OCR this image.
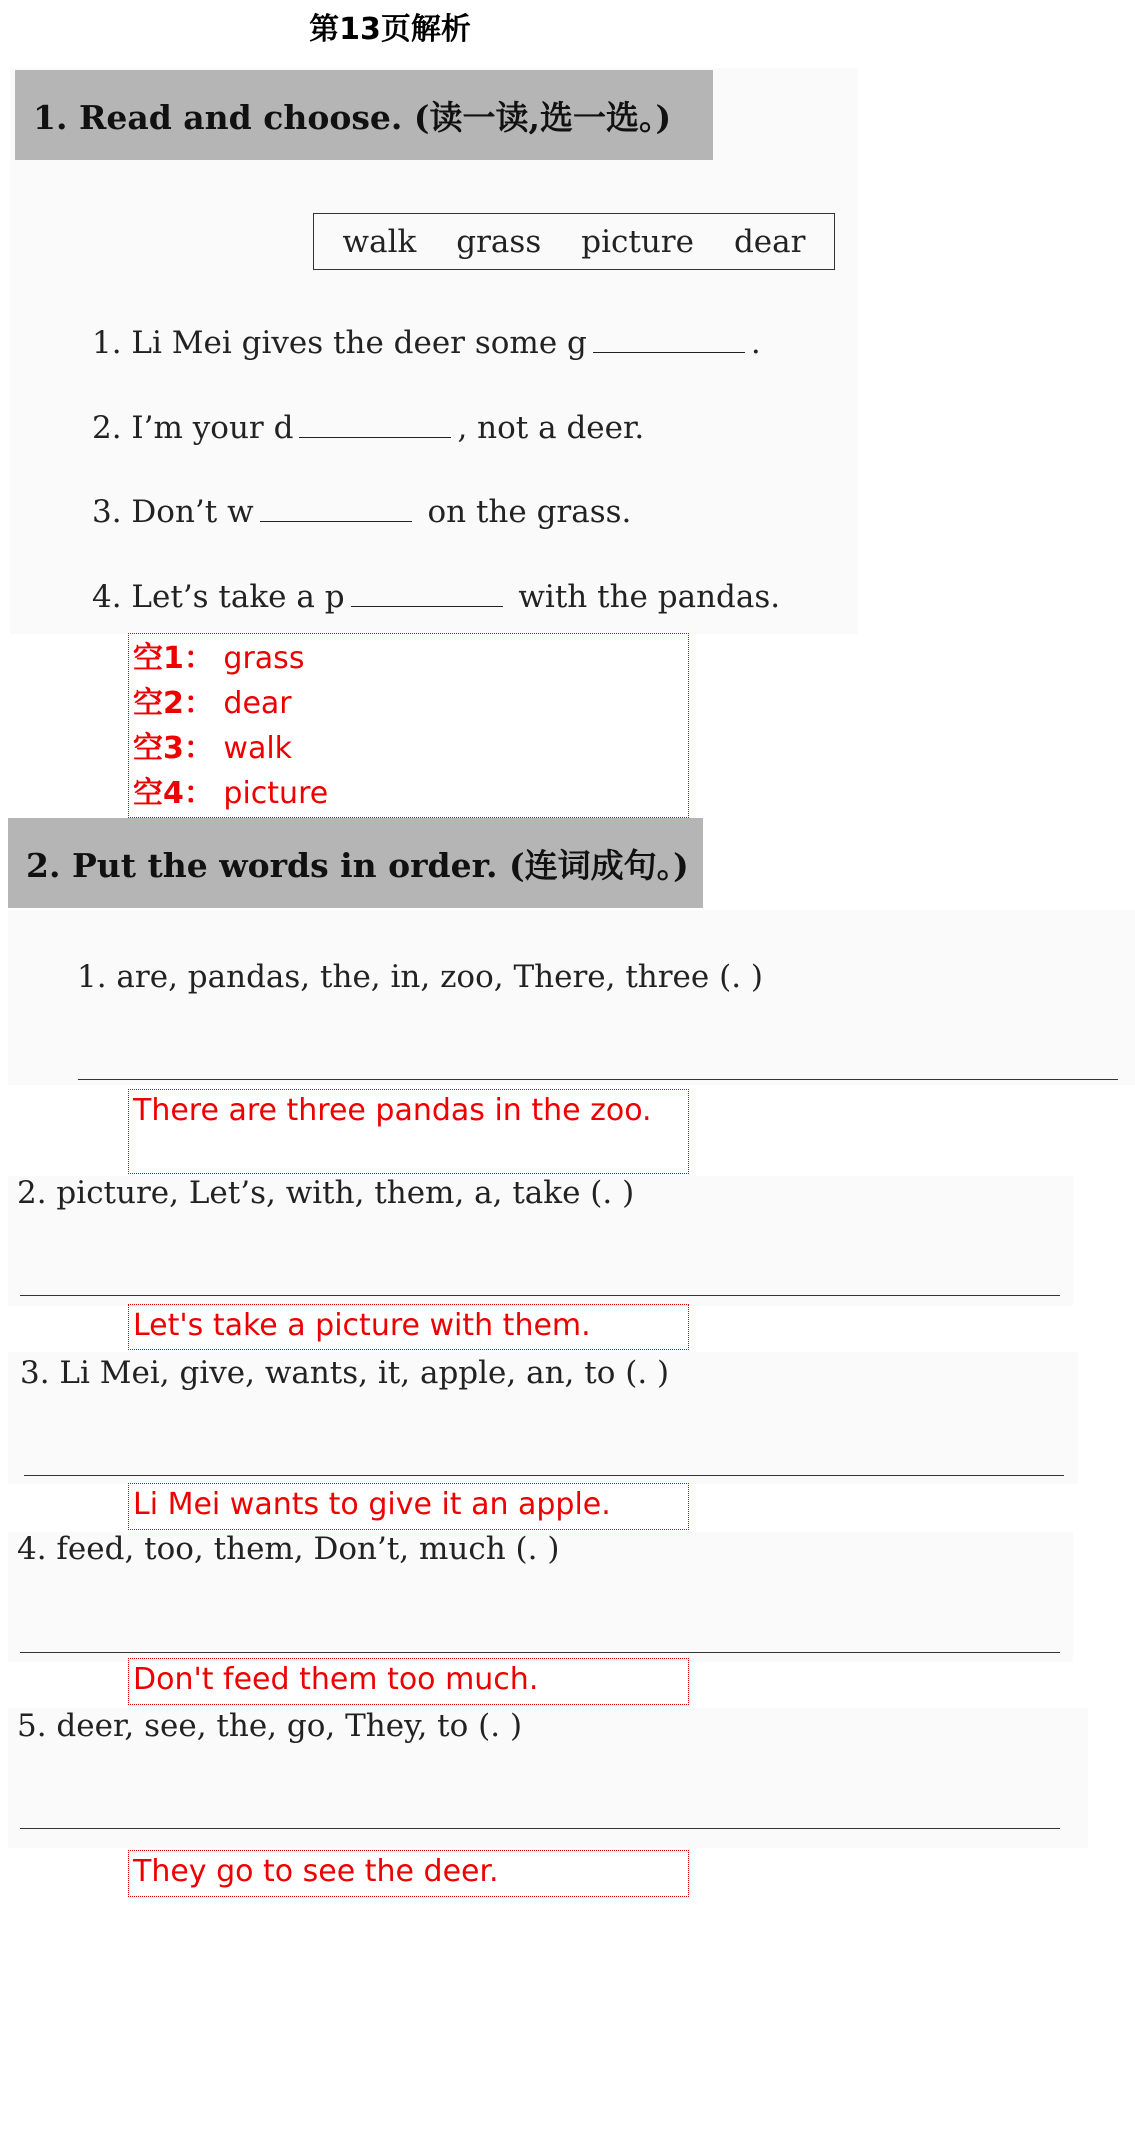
第13页解析
1. Read and choose. (读一读,选一选。)
walk grass picture dear
1. Li Mei gives the deer some g	.
2. I’m your d	, not a deer.
3. Don’t w	on the grass.
4. Let’s take a p	with the pandas.
空1： grass
空2： dear
空3： walk
空4： picture
2. Put the words in order. (连词成句。)
1. are, pandas, the, in, zoo, There, three (. )
There are three pandas in the zoo.
2. picture, Let’s, with, them, a, take (. )
Let's take a picture with them.
3. Li Mei, give, wants, it, apple, an, to (. )
Li Mei wants to give it an apple.
4. feed, too, them, Don’t, much (. )
Don't feed them too much.
5. deer, see, the, go, They, to (. )
They go to see the deer.
